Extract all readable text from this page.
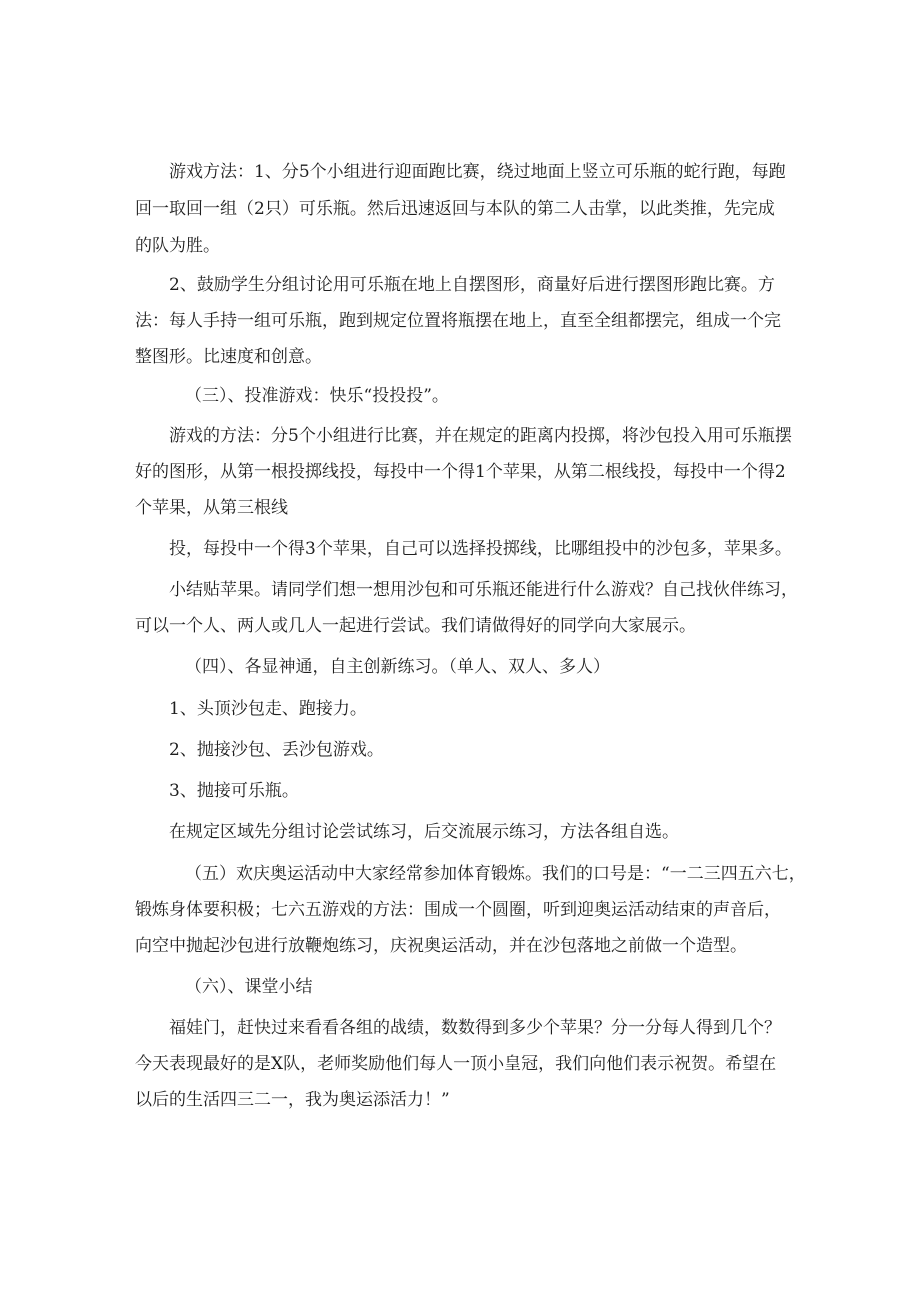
游戏方法：1、分5个小组进行迎面跑比赛，绕过地面上竖立可乐瓶的蛇行跑，每跑
回一取回一组（2只）可乐瓶。然后迅速返回与本队的第二人击掌，以此类推，先完成
的队为胜。
2、鼓励学生分组讨论用可乐瓶在地上自摆图形，商量好后进行摆图形跑比赛。方
法：每人手持一组可乐瓶，跑到规定位置将瓶摆在地上，直至全组都摆完，组成一个完
整图形。比速度和创意。
（三）、投准游戏：快乐“投投投”。
游戏的方法：分5个小组进行比赛，并在规定的距离内投掷，将沙包投入用可乐瓶摆
好的图形，从第一根投掷线投，每投中一个得1个苹果，从第二根线投，每投中一个得2
个苹果，从第三根线
投，每投中一个得3个苹果，自己可以选择投掷线，比哪组投中的沙包多，苹果多。
小结贴苹果。请同学们想一想用沙包和可乐瓶还能进行什么游戏？自己找伙伴练习，
可以一个人、两人或几人一起进行尝试。我们请做得好的同学向大家展示。
（四）、各显神通，自主创新练习。（单人、双人、多人）
1、头顶沙包走、跑接力。
2、抛接沙包、丢沙包游戏。
3、抛接可乐瓶。
在规定区域先分组讨论尝试练习，后交流展示练习，方法各组自选。
（五）欢庆奥运活动中大家经常参加体育锻炼。我们的口号是：“一二三四五六七，
锻炼身体要积极；七六五游戏的方法：围成一个圆圈，听到迎奥运活动结束的声音后，
向空中抛起沙包进行放鞭炮练习，庆祝奥运活动，并在沙包落地之前做一个造型。
（六）、课堂小结
福娃门，赶快过来看看各组的战绩，数数得到多少个苹果？分一分每人得到几个？
今天表现最好的是X队，老师奖励他们每人一顶小皇冠，我们向他们表示祝贺。希望在
以后的生活四三二一，我为奥运添活力！”
